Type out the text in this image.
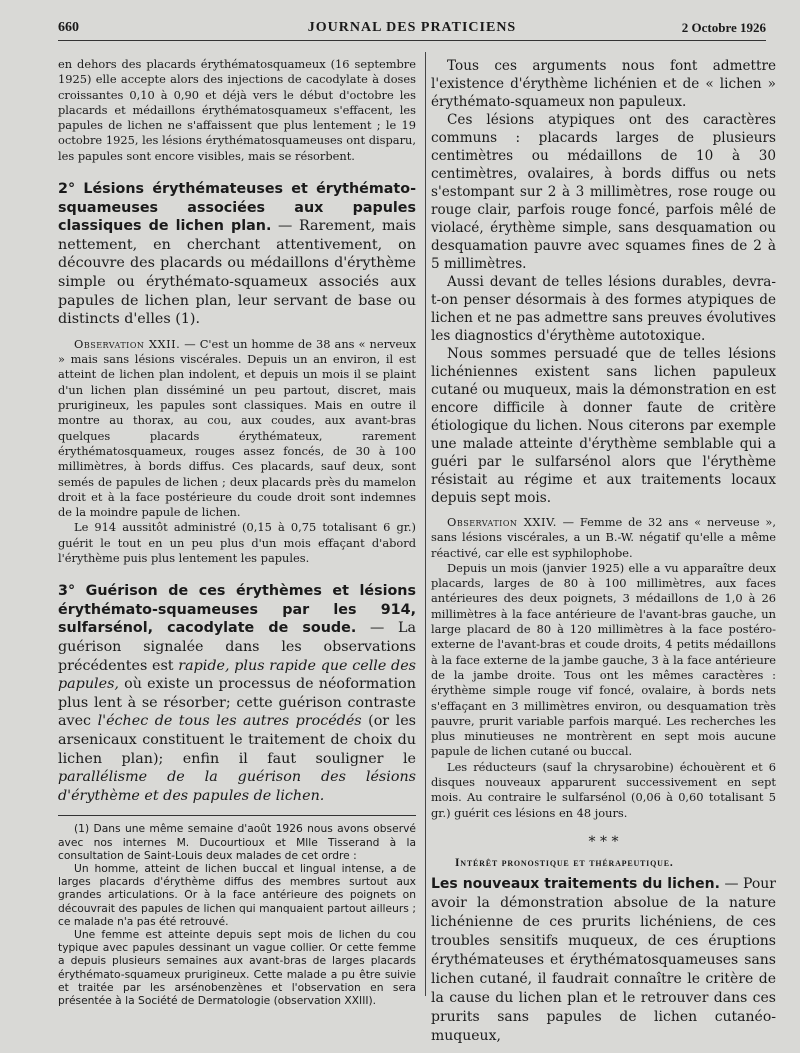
660	JOURNAL DES PRATICIENS	2 Octobre 1926

en dehors des placards érythématosquameux (16 septembre 1925) elle accepte alors des injections de cacodylate à doses croissantes 0,10 à 0,90 et déjà vers le début d'octobre les placards et médaillons érythématosquameux s'effacent, les papules de lichen ne s'affaissent que plus lentement ; le 19 octobre 1925, les lésions érythématosquameuses ont disparu, les papules sont encore visibles, mais se résorbent.

2° Lésions érythémateuses et érythémato-squameuses associées aux papules classiques de lichen plan. — Rarement, mais nettement, en cherchant attentivement, on découvre des placards ou médaillons d'érythème simple ou érythémato-squameux associés aux papules de lichen plan, leur servant de base ou distincts d'elles (1).

Observation XXII. — C'est un homme de 38 ans « nerveux » mais sans lésions viscérales. Depuis un an environ, il est atteint de lichen plan indolent, et depuis un mois il se plaint d'un lichen plan disséminé un peu partout, discret, mais prurigineux, les papules sont classiques. Mais en outre il montre au thorax, au cou, aux coudes, aux avant-bras quelques placards érythémateux, rarement érythématosquameux, rouges assez foncés, de 30 à 100 millimètres, à bords diffus. Ces placards, sauf deux, sont semés de papules de lichen ; deux placards près du mamelon droit et à la face postérieure du coude droit sont indemnes de la moindre papule de lichen.

Le 914 aussitôt administré (0,15 à 0,75 totalisant 6 gr.) guérit le tout en un peu plus d'un mois effaçant d'abord l'érythème puis plus lentement les papules.

3° Guérison de ces érythèmes et lésions érythémato-squameuses par les 914, sulfarsénol, cacodylate de soude. — La guérison signalée dans les observations précédentes est rapide, plus rapide que celle des papules, où existe un processus de néoformation plus lent à se résorber; cette guérison contraste avec l'échec de tous les autres procédés (or les arsenicaux constituent le traitement de choix du lichen plan); enfin il faut souligner le parallélisme de la guérison des lésions d'érythème et des papules de lichen.

(1) Dans une même semaine d'août 1926 nous avons observé avec nos internes M. Ducourtioux et Mlle Tisserand à la consultation de Saint-Louis deux malades de cet ordre :

Un homme, atteint de lichen buccal et lingual intense, a de larges placards d'érythème diffus des membres surtout aux grandes articulations. Or à la face antérieure des poignets on découvrait des papules de lichen qui manquaient partout ailleurs ; ce malade n'a pas été retrouvé.

Une femme est atteinte depuis sept mois de lichen du cou typique avec papules dessinant un vague collier. Or cette femme a depuis plusieurs semaines aux avant-bras de larges placards érythémato-squameux prurigineux. Cette malade a pu être suivie et traitée par les arsénobenzènes et l'observation en sera présentée à la Société de Dermatologie (observation XXIII).

Tous ces arguments nous font admettre l'existence d'érythème lichénien et de « lichen » érythémato-squameux non papuleux.

Ces lésions atypiques ont des caractères communs : placards larges de plusieurs centimètres ou médaillons de 10 à 30 centimètres, ovalaires, à bords diffus ou nets s'estompant sur 2 à 3 millimètres, rose rouge ou rouge clair, parfois rouge foncé, parfois mêlé de violacé, érythème simple, sans desquamation ou desquamation pauvre avec squames fines de 2 à 5 millimètres.

Aussi devant de telles lésions durables, devra-t-on penser désormais à des formes atypiques de lichen et ne pas admettre sans preuves évolutives les diagnostics d'érythème autotoxique.

Nous sommes persuadé que de telles lésions lichéniennes existent sans lichen papuleux cutané ou muqueux, mais la démonstration en est encore difficile à donner faute de critère étiologique du lichen. Nous citerons par exemple une malade atteinte d'érythème semblable qui a guéri par le sulfarsénol alors que l'érythème résistait au régime et aux traitements locaux depuis sept mois.

Observation XXIV. — Femme de 32 ans « nerveuse », sans lésions viscérales, a un B.-W. négatif qu'elle a même réactivé, car elle est syphilophobe.

Depuis un mois (janvier 1925) elle a vu apparaître deux placards, larges de 80 à 100 millimètres, aux faces antérieures des deux poignets, 3 médaillons de 1,0 à 26 millimètres à la face antérieure de l'avant-bras gauche, un large placard de 80 à 120 millimètres à la face postéro-externe de l'avant-bras et coude droits, 4 petits médaillons à la face externe de la jambe gauche, 3 à la face antérieure de la jambe droite. Tous ont les mêmes caractères : érythème simple rouge vif foncé, ovalaire, à bords nets s'effaçant en 3 millimètres environ, ou desquamation très pauvre, prurit variable parfois marqué. Les recherches les plus minutieuses ne montrèrent en sept mois aucune papule de lichen cutané ou buccal.

Les réducteurs (sauf la chrysarobine) échouèrent et 6 disques nouveaux apparurent successivement en sept mois. Au contraire le sulfarsénol (0,06 à 0,60 totalisant 5 gr.) guérit ces lésions en 48 jours.

* * *
Intérêt pronostique et thérapeutique.

Les nouveaux traitements du lichen. — Pour avoir la démonstration absolue de la nature lichénienne de ces prurits lichéniens, de ces troubles sensitifs muqueux, de ces éruptions érythémateuses et érythématosquameuses sans lichen cutané, il faudrait connaître le critère de la cause du lichen plan et le retrouver dans ces prurits sans papules de lichen cutanéo-muqueux,
